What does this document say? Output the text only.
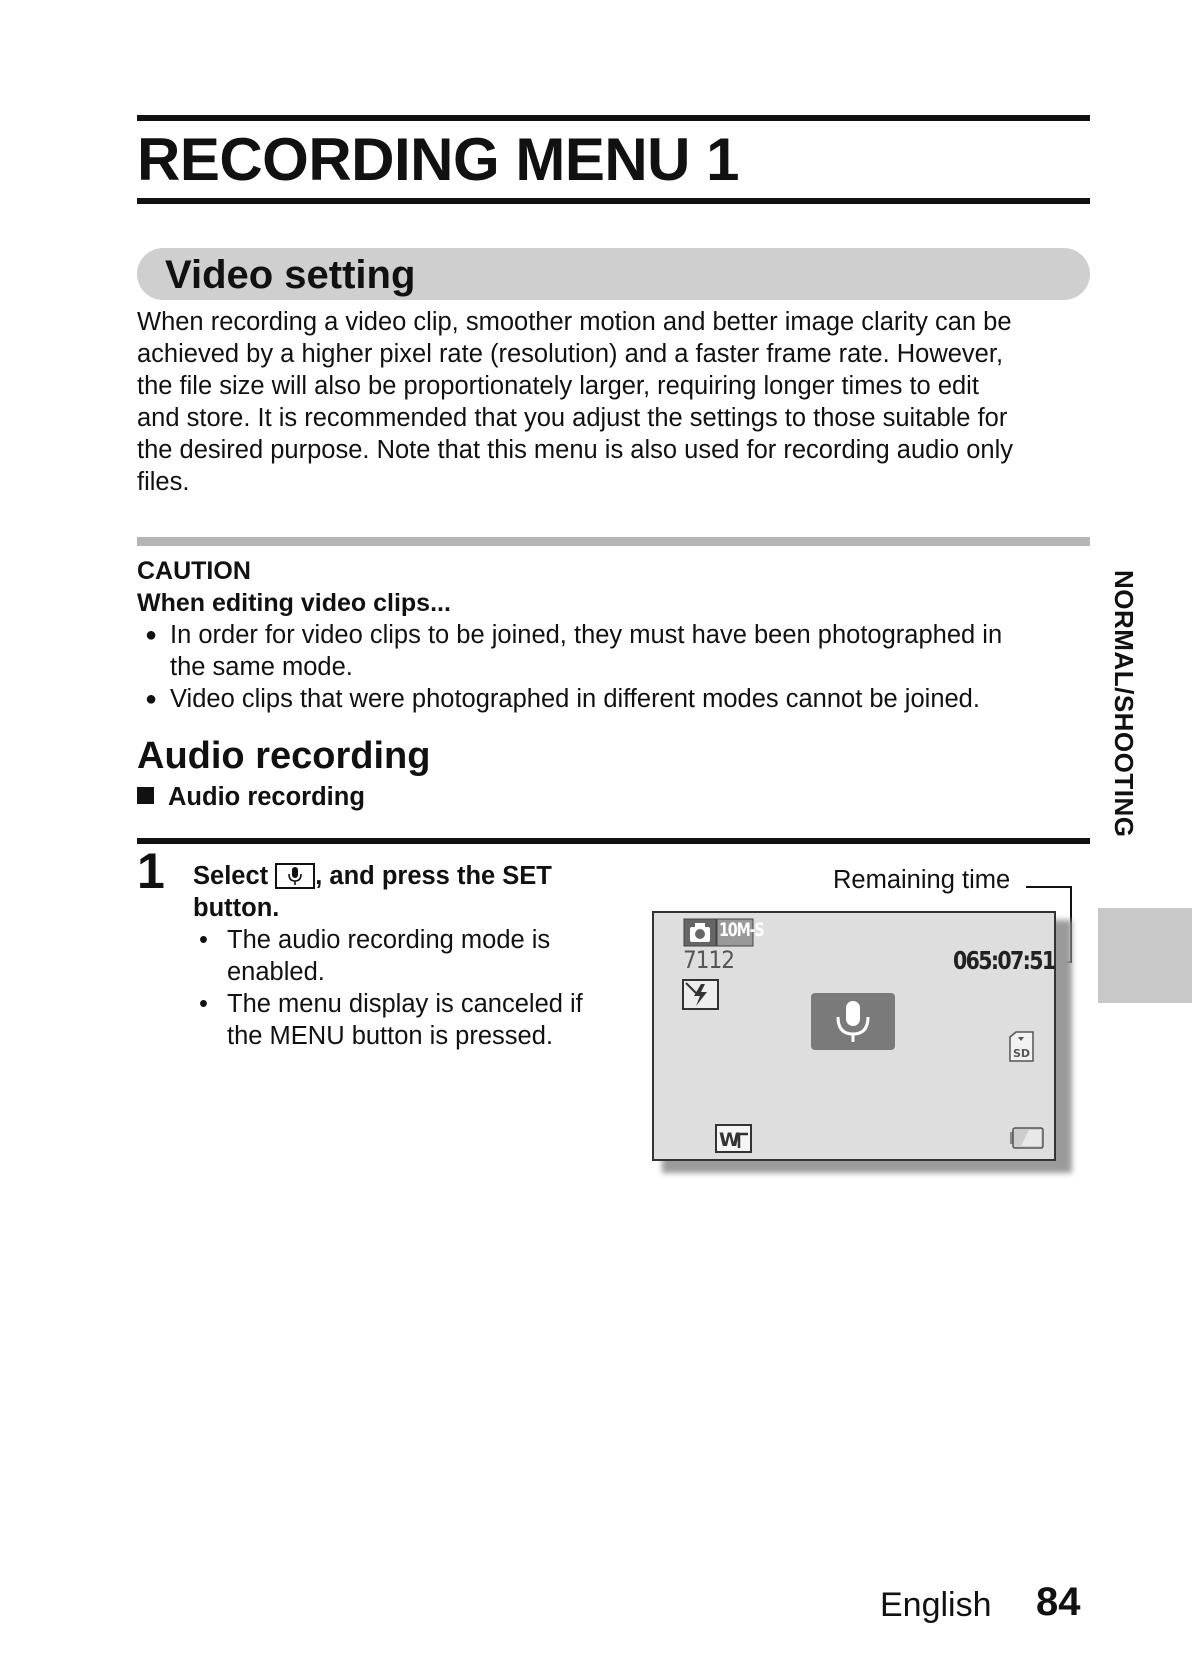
RECORDING MENU 1
Video setting
When recording a video clip, smoother motion and better image clarity can be
achieved by a higher pixel rate (resolution) and a faster frame rate. However,
the file size will also be proportionately larger, requiring longer times to edit
and store. It is recommended that you adjust the settings to those suitable for
the desired purpose. Note that this menu is also used for recording audio only
files.
CAUTION
When editing video clips...
● In order for video clips to be joined, they must have been photographed in
the same mode.
● Video clips that were photographed in different modes cannot be joined.
Audio recording
Audio recording
1 Select , and press the SET
button.
• The audio recording mode is
enabled.
• The menu display is canceled if
the MENU button is pressed.
Remaining time
10M-S
7112	065:07:51
SD
W
NORMAL/SHOOTING
English 84
